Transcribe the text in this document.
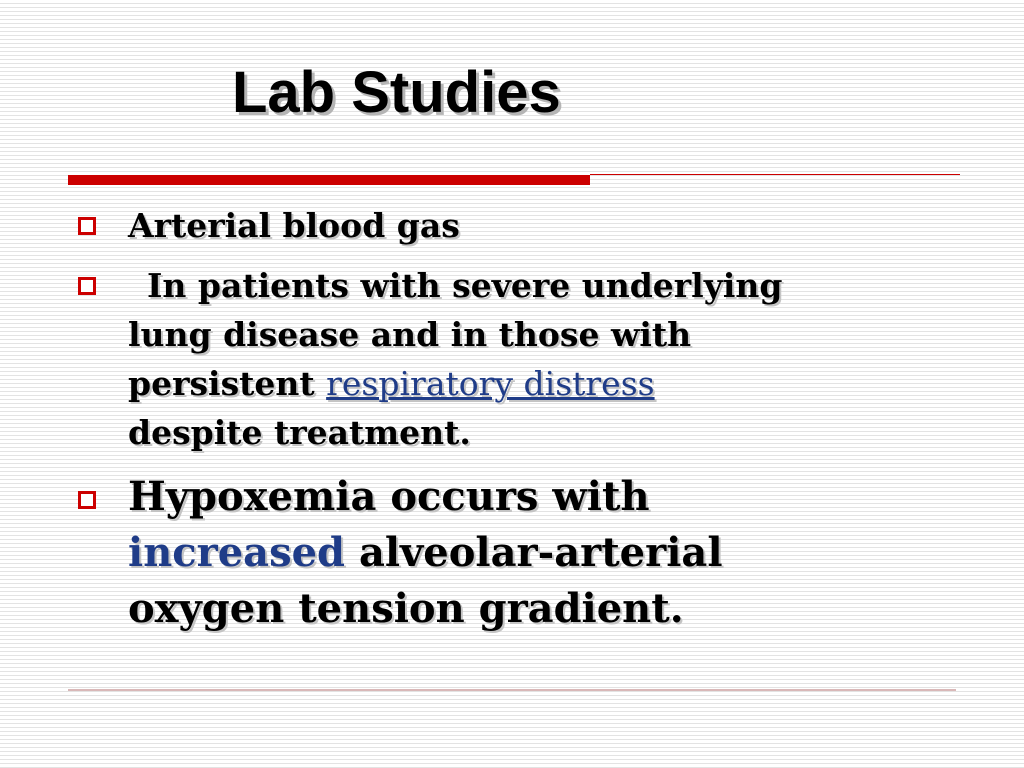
Lab Studies
Arterial blood gas
In patients with severe underlying
lung disease and in those with
persistent respiratory distress
despite treatment.
Hypoxemia occurs with
increased alveolar-arterial
oxygen tension gradient.
